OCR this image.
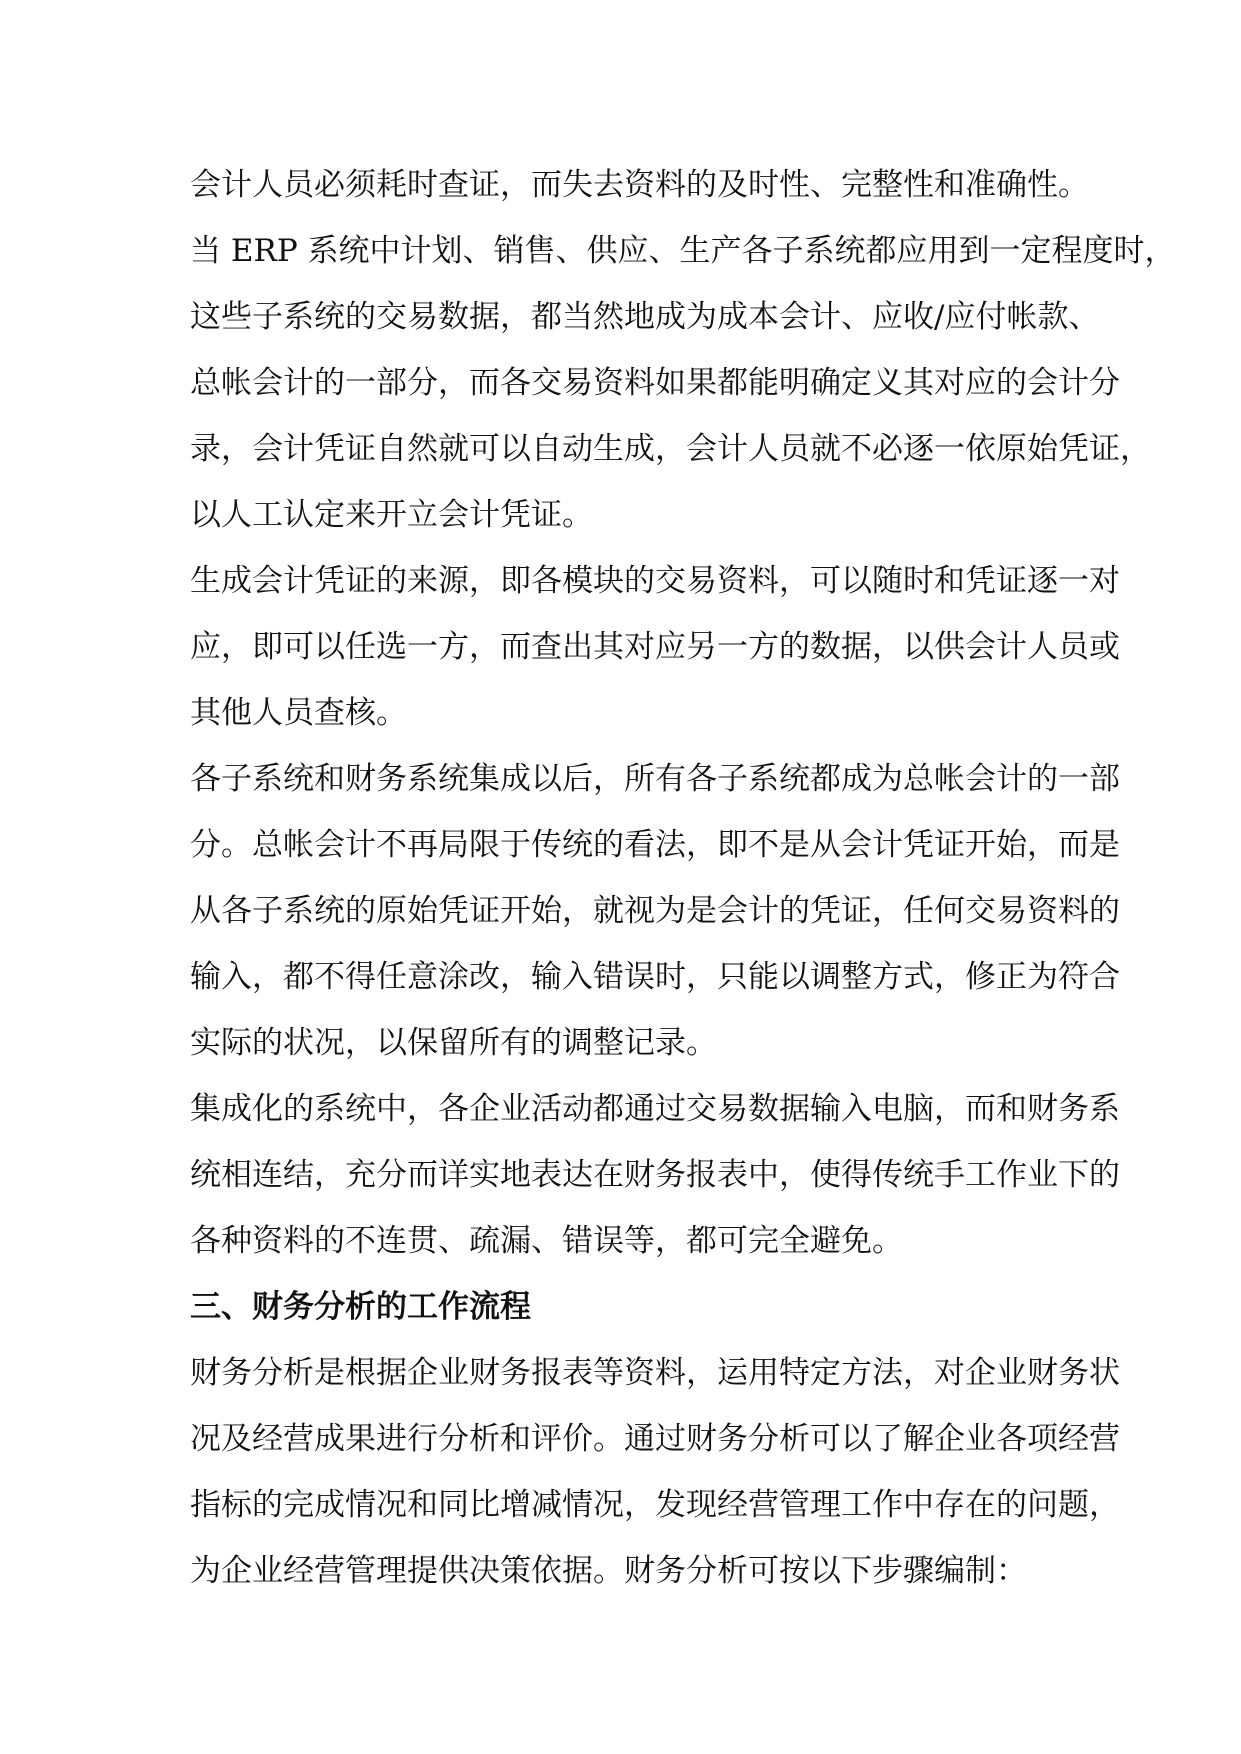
会计人员必须耗时查证，而失去资料的及时性、完整性和准确性。
当 ERP 系统中计划、销售、供应、生产各子系统都应用到一定程度时，
这些子系统的交易数据，都当然地成为成本会计、应收/应付帐款、
总帐会计的一部分，而各交易资料如果都能明确定义其对应的会计分
录，会计凭证自然就可以自动生成，会计人员就不必逐一依原始凭证，
以人工认定来开立会计凭证。
生成会计凭证的来源，即各模块的交易资料，可以随时和凭证逐一对
应，即可以任选一方，而查出其对应另一方的数据，以供会计人员或
其他人员查核。
各子系统和财务系统集成以后，所有各子系统都成为总帐会计的一部
分。总帐会计不再局限于传统的看法，即不是从会计凭证开始，而是
从各子系统的原始凭证开始，就视为是会计的凭证，任何交易资料的
输入，都不得任意涂改，输入错误时，只能以调整方式，修正为符合
实际的状况，以保留所有的调整记录。
集成化的系统中，各企业活动都通过交易数据输入电脑，而和财务系
统相连结，充分而详实地表达在财务报表中，使得传统手工作业下的
各种资料的不连贯、疏漏、错误等，都可完全避免。
三、财务分析的工作流程
财务分析是根据企业财务报表等资料，运用特定方法，对企业财务状
况及经营成果进行分析和评价。通过财务分析可以了解企业各项经营
指标的完成情况和同比增减情况，发现经营管理工作中存在的问题，
为企业经营管理提供决策依据。财务分析可按以下步骤编制：
